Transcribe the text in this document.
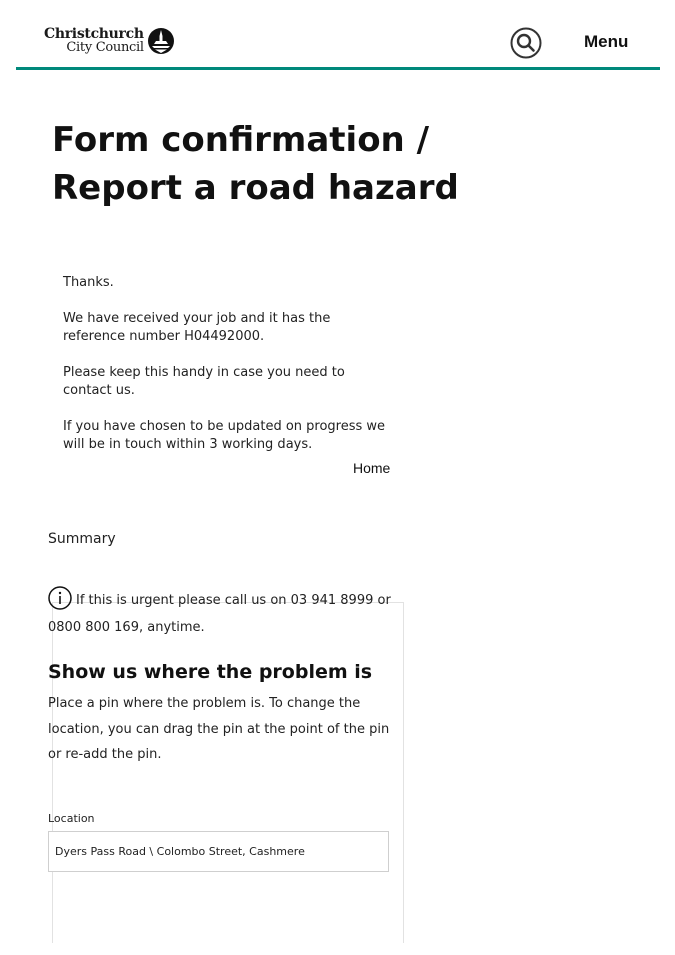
Christchurch
City Council	Menu
Form confirmation /
Report a road hazard

Thanks.

We have received your job and it has the reference number H04492000.

Please keep this handy in case you need to contact us.

If you have chosen to be updated on progress we will be in touch within 3 working days.

Home
Summary
If this is urgent please call us on 03 941 8999 or 0800 800 169, anytime.
Show us where the problem is
Place a pin where the problem is. To change the location, you can drag the pin at the point of the pin or re-add the pin.
Location
Dyers Pass Road \ Colombo Street, Cashmere
